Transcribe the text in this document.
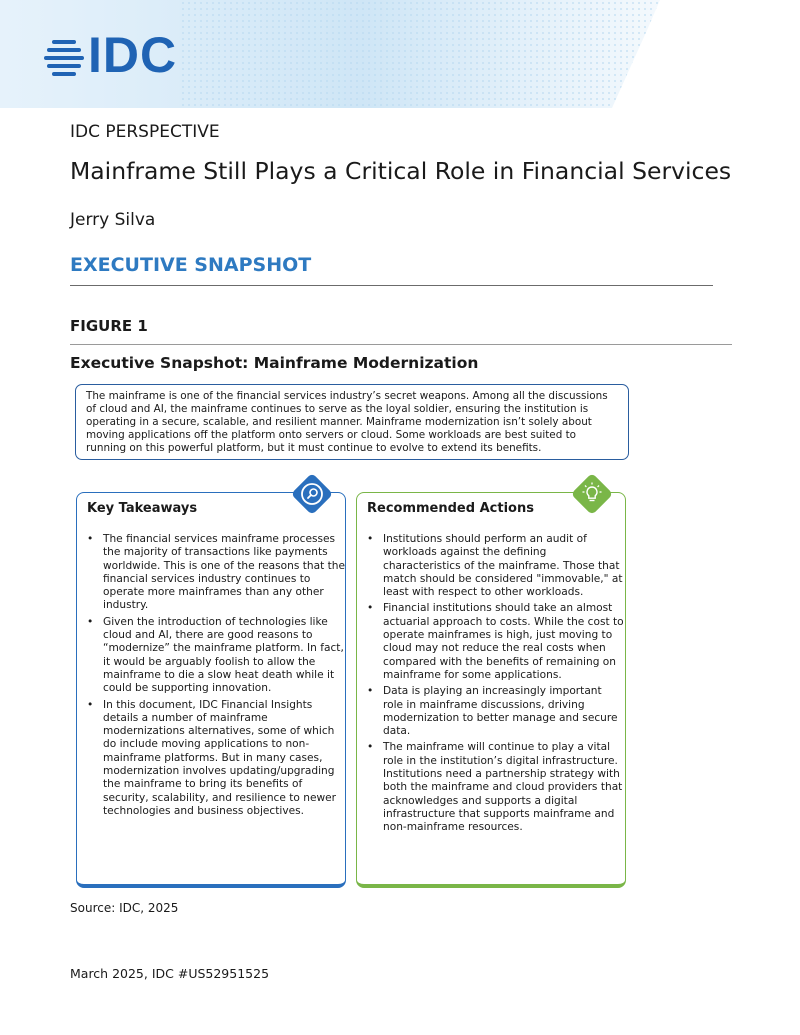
IDC
IDC PERSPECTIVE
Mainframe Still Plays a Critical Role in Financial Services
Jerry Silva
EXECUTIVE SNAPSHOT
FIGURE 1
Executive Snapshot: Mainframe Modernization
The mainframe is one of the financial services industry’s secret weapons. Among all the discussions of cloud and AI, the mainframe continues to serve as the loyal soldier, ensuring the institution is operating in a secure, scalable, and resilient manner. Mainframe modernization isn’t solely about moving applications off the platform onto servers or cloud. Some workloads are best suited to running on this powerful platform, but it must continue to evolve to extend its benefits.
Key Takeaways
• The financial services mainframe processes the majority of transactions like payments worldwide. This is one of the reasons that the financial services industry continues to operate more mainframes than any other industry.
• Given the introduction of technologies like cloud and AI, there are good reasons to “modernize” the mainframe platform. In fact, it would be arguably foolish to allow the mainframe to die a slow heat death while it could be supporting innovation.
• In this document, IDC Financial Insights details a number of mainframe modernizations alternatives, some of which do include moving applications to non-mainframe platforms. But in many cases, modernization involves updating/upgrading the mainframe to bring its benefits of security, scalability, and resilience to newer technologies and business objectives.
Recommended Actions
• Institutions should perform an audit of workloads against the defining characteristics of the mainframe. Those that match should be considered "immovable," at least with respect to other workloads.
• Financial institutions should take an almost actuarial approach to costs. While the cost to operate mainframes is high, just moving to cloud may not reduce the real costs when compared with the benefits of remaining on mainframe for some applications.
• Data is playing an increasingly important role in mainframe discussions, driving modernization to better manage and secure data.
• The mainframe will continue to play a vital role in the institution’s digital infrastructure. Institutions need a partnership strategy with both the mainframe and cloud providers that acknowledges and supports a digital infrastructure that supports mainframe and non-mainframe resources.
Source: IDC, 2025
March 2025, IDC #US52951525
